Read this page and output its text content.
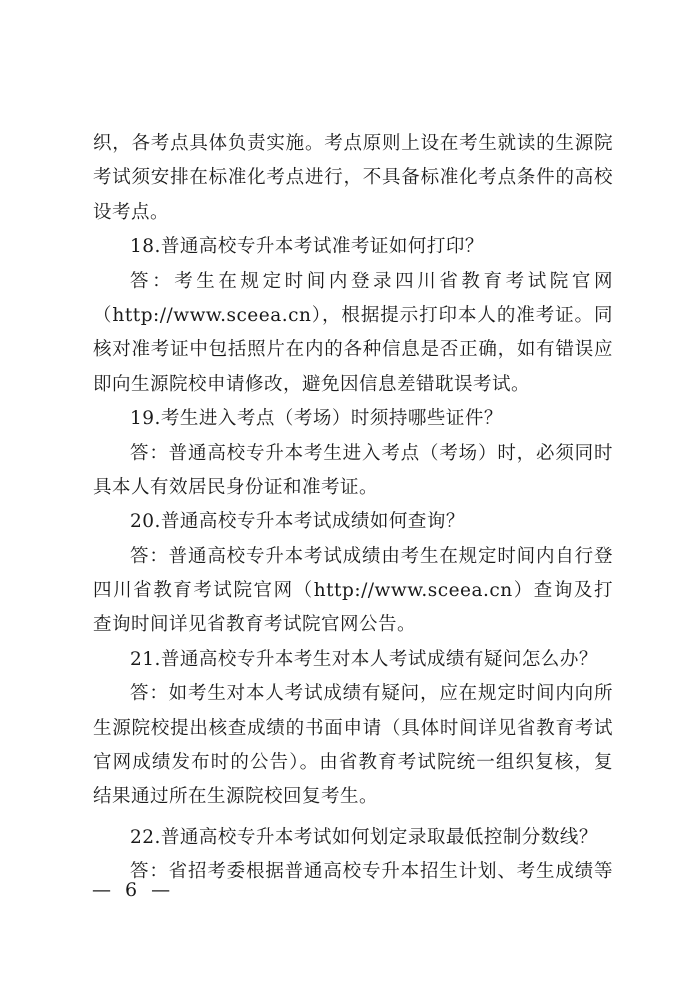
织，各考点具体负责实施。考点原则上设在考生就读的生源院
考试须安排在标准化考点进行，不具备标准化考点条件的高校
设考点。
18.普通高校专升本考试准考证如何打印？
答：考生在规定时间内登录四川省教育考试院官网
（http://www.sceea.cn），根据提示打印本人的准考证。同
核对准考证中包括照片在内的各种信息是否正确，如有错误应
即向生源院校申请修改，避免因信息差错耽误考试。
19.考生进入考点（考场）时须持哪些证件？
答：普通高校专升本考生进入考点（考场）时，必须同时
具本人有效居民身份证和准考证。
20.普通高校专升本考试成绩如何查询？
答：普通高校专升本考试成绩由考生在规定时间内自行登
四川省教育考试院官网（http://www.sceea.cn）查询及打
查询时间详见省教育考试院官网公告。
21.普通高校专升本考生对本人考试成绩有疑问怎么办？
答：如考生对本人考试成绩有疑问，应在规定时间内向所
生源院校提出核查成绩的书面申请（具体时间详见省教育考试
官网成绩发布时的公告）。由省教育考试院统一组织复核，复
结果通过所在生源院校回复考生。
22.普通高校专升本考试如何划定录取最低控制分数线？
答：省招考委根据普通高校专升本招生计划、考生成绩等
— 6 —
